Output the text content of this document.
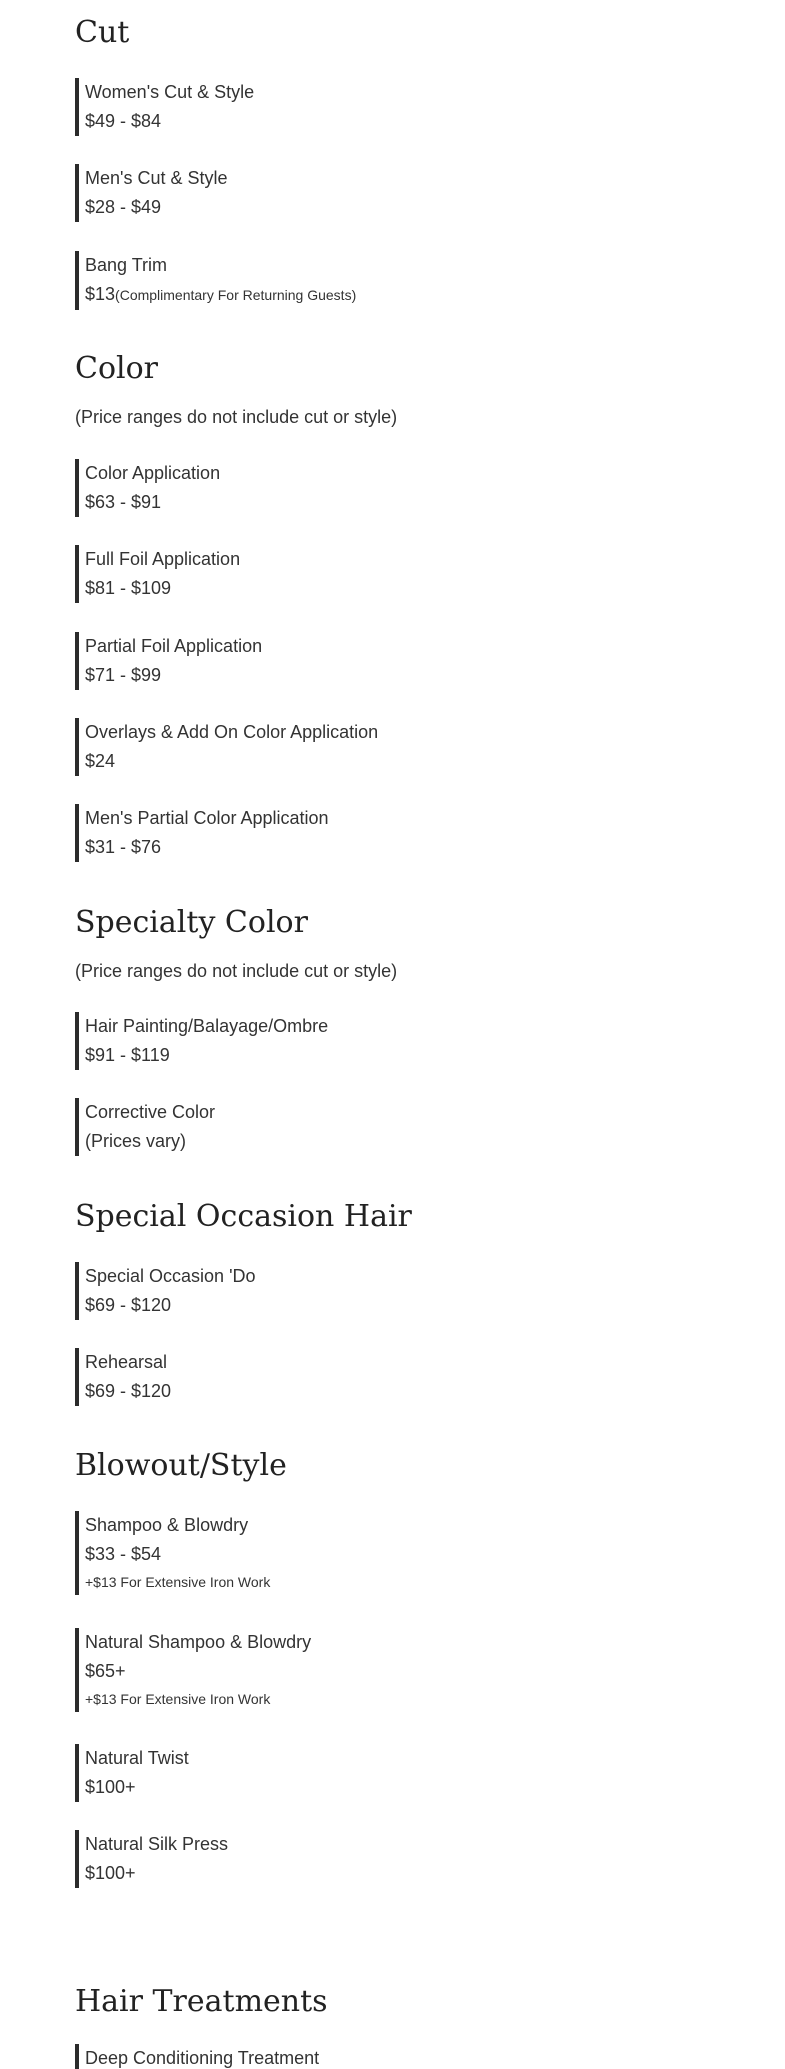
Cut
Women's Cut & Style
$49 - $84
Men's Cut & Style
$28 - $49
Bang Trim
$13(Complimentary For Returning Guests)
Color
(Price ranges do not include cut or style)
Color Application
$63 - $91
Full Foil Application
$81 - $109
Partial Foil Application
$71 - $99
Overlays & Add On Color Application
$24
Men's Partial Color Application
$31 - $76
Specialty Color
(Price ranges do not include cut or style)
Hair Painting/Balayage/Ombre
$91 - $119
Corrective Color
(Prices vary)
Special Occasion Hair
Special Occasion 'Do
$69 - $120
Rehearsal
$69 - $120
Blowout/Style
Shampoo & Blowdry
$33 - $54
+$13 For Extensive Iron Work
Natural Shampoo & Blowdry
$65+
+$13 For Extensive Iron Work
Natural Twist
$100+
Natural Silk Press
$100+
Hair Treatments
Deep Conditioning Treatment
